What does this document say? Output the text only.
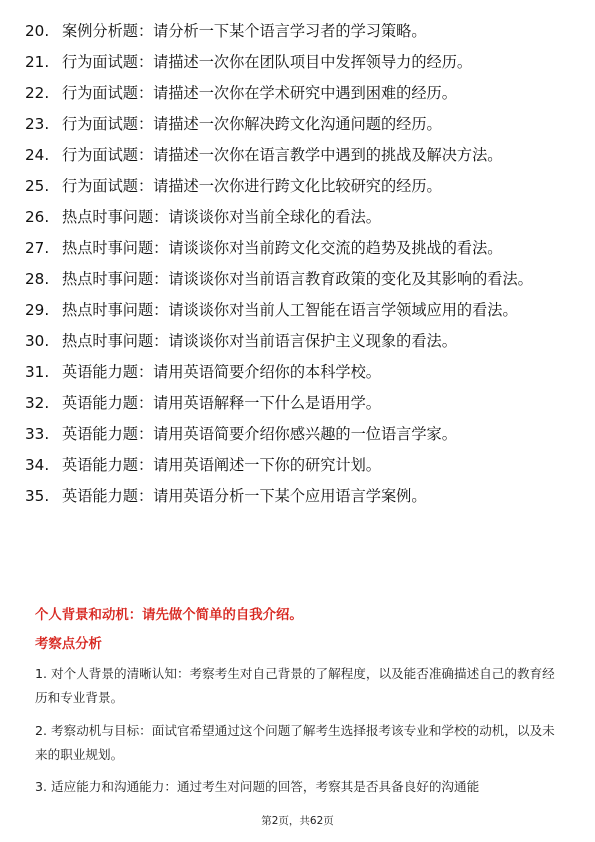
20. 案例分析题：请分析一下某个语言学习者的学习策略。
21. 行为面试题：请描述一次你在团队项目中发挥领导力的经历。
22. 行为面试题：请描述一次你在学术研究中遇到困难的经历。
23. 行为面试题：请描述一次你解决跨文化沟通问题的经历。
24. 行为面试题：请描述一次你在语言教学中遇到的挑战及解决方法。
25. 行为面试题：请描述一次你进行跨文化比较研究的经历。
26. 热点时事问题：请谈谈你对当前全球化的看法。
27. 热点时事问题：请谈谈你对当前跨文化交流的趋势及挑战的看法。
28. 热点时事问题：请谈谈你对当前语言教育政策的变化及其影响的看法。
29. 热点时事问题：请谈谈你对当前人工智能在语言学领域应用的看法。
30. 热点时事问题：请谈谈你对当前语言保护主义现象的看法。
31. 英语能力题：请用英语简要介绍你的本科学校。
32. 英语能力题：请用英语解释一下什么是语用学。
33. 英语能力题：请用英语简要介绍你感兴趣的一位语言学家。
34. 英语能力题：请用英语阐述一下你的研究计划。
35. 英语能力题：请用英语分析一下某个应用语言学案例。
个人背景和动机：请先做个简单的自我介绍。
考察点分析
1. 对个人背景的清晰认知：考察考生对自己背景的了解程度，以及能否准确描述自己的教育经历和专业背景。
2. 考察动机与目标：面试官希望通过这个问题了解考生选择报考该专业和学校的动机，以及未来的职业规划。
3. 适应能力和沟通能力：通过考生对问题的回答，考察其是否具备良好的沟通能
第2页，共62页
